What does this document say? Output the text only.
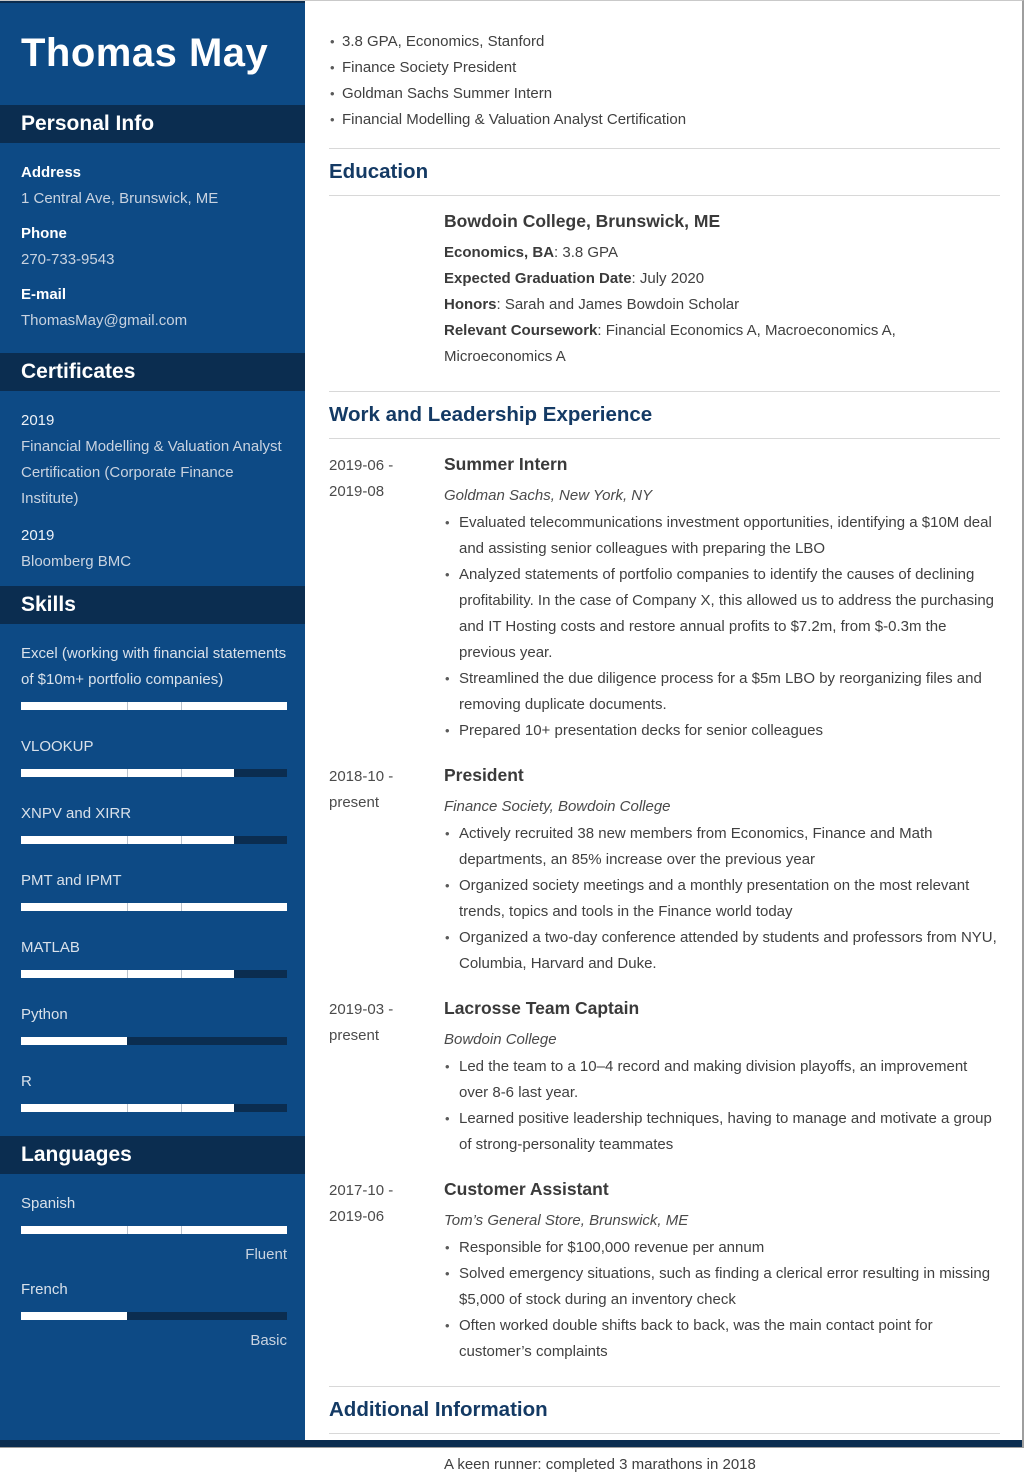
Thomas May
Personal Info
Address
1 Central Ave, Brunswick, ME
Phone
270-733-9543
E-mail
ThomasMay@gmail.com
Certificates
2019
Financial Modelling & Valuation Analyst Certification (Corporate Finance Institute)
2019
Bloomberg BMC
Skills
Excel (working with financial statements of $10m+ portfolio companies)
VLOOKUP
XNPV and XIRR
PMT and IPMT
MATLAB
Python
R
Languages
Spanish
Fluent
French
Basic
• 3.8 GPA, Economics, Stanford
• Finance Society President
• Goldman Sachs Summer Intern
• Financial Modelling & Valuation Analyst Certification
Education
Bowdoin College, Brunswick, ME
Economics, BA: 3.8 GPA
Expected Graduation Date: July 2020
Honors: Sarah and James Bowdoin Scholar
Relevant Coursework: Financial Economics A, Macroeconomics A, Microeconomics A
Work and Leadership Experience
2019-06 -
2019-08
Summer Intern
Goldman Sachs, New York, NY
• Evaluated telecommunications investment opportunities, identifying a $10M deal and assisting senior colleagues with preparing the LBO
• Analyzed statements of portfolio companies to identify the causes of declining profitability. In the case of Company X, this allowed us to address the purchasing and IT Hosting costs and restore annual profits to $7.2m, from $-0.3m the previous year.
• Streamlined the due diligence process for a $5m LBO by reorganizing files and removing duplicate documents.
• Prepared 10+ presentation decks for senior colleagues
2018-10 -
present
President
Finance Society, Bowdoin College
• Actively recruited 38 new members from Economics, Finance and Math departments, an 85% increase over the previous year
• Organized society meetings and a monthly presentation on the most relevant trends, topics and tools in the Finance world today
• Organized a two-day conference attended by students and professors from NYU, Columbia, Harvard and Duke.
2019-03 -
present
Lacrosse Team Captain
Bowdoin College
• Led the team to a 10–4 record and making division playoffs, an improvement over 8-6 last year.
• Learned positive leadership techniques, having to manage and motivate a group of strong-personality teammates
2017-10 -
2019-06
Customer Assistant
Tom’s General Store, Brunswick, ME
• Responsible for $100,000 revenue per annum
• Solved emergency situations, such as finding a clerical error resulting in missing $5,000 of stock during an inventory check
• Often worked double shifts back to back, was the main contact point for customer’s complaints
Additional Information
A keen runner: completed 3 marathons in 2018
